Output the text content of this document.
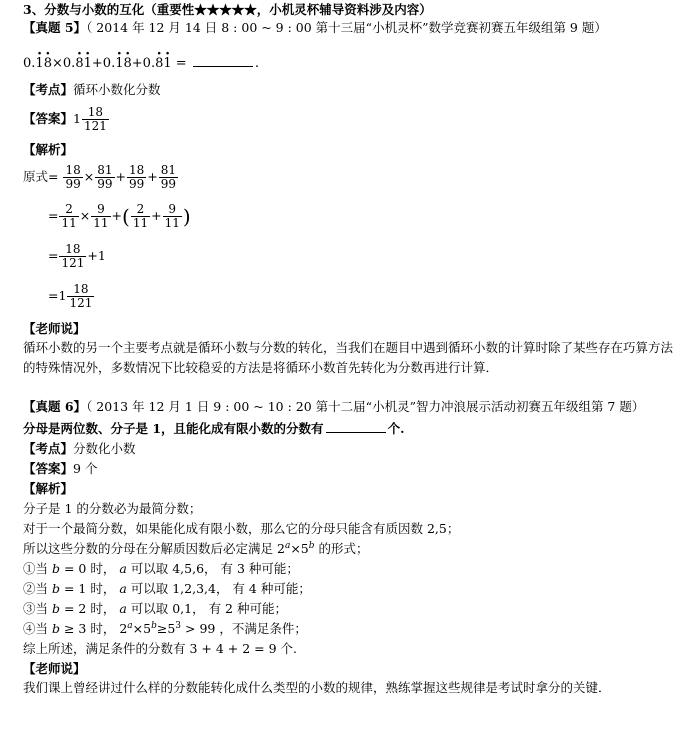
3、分数与小数的互化（重要性★★★★★，小机灵杯辅导资料涉及内容）
【真题 5】（ 2014 年 12 月 14 日 8 : 00 ~ 9 : 00 第十三届“小机灵杯”数学竞赛初赛五年级组第 9 题）
0.1 ·8 ·×0.8 ·1 ·+0.1 ·8 ·+0.8 ·1 · =	.
【考点】循环小数化分数
【答案】$1 \frac{18}{121}$
【解析】
原式= $\frac{18}{99} \times \frac{81}{99} + \frac{18}{99} + \frac{81}{99}$
= $\frac{2}{11} \times \frac{9}{11}$ +( $\frac{2}{11} + \frac{9}{11}$ )
= $\frac{18}{121} +1$
$=1 \frac{18}{121}$
【老师说】
循环小数的另一个主要考点就是循环小数与分数的转化，当我们在题目中遇到循环小数的计算时除了某些存在巧算方法的特殊情况外，多数情况下比较稳妥的方法是将循环小数首先转化为分数再进行计算．
【真题 6】（ 2013 年 12 月 1 日 9 : 00 ~ 10 : 20 第十二届“小机灵”智力冲浪展示活动初赛五年级组第 7 题）
分母是两位数、分子是 1，且能化成有限小数的分数有	个.
【考点】分数化小数
【答案】9 个
【解析】
分子是 1 的分数必为最简分数；
对于一个最简分数，如果能化成有限小数，那么它的分母只能含有质因数 2,5；
所以这些分数的分母在分解质因数后必定满足 $2^a\times 5^b$ 的形式；
①当 b = 0 时， a 可以取 4,5,6， 有 3 种可能；
②当 b = 1 时， a 可以取 1,2,3,4， 有 4 种可能；
③当 b = 2 时， a 可以取 0,1， 有 2 种可能；
④当 b ≥ 3 时， $2^a\times 5^b\ge 5^3 > 99$ ，不满足条件；
综上所述，满足条件的分数有 3 + 4 + 2 = 9 个.
【老师说】
我们课上曾经讲过什么样的分数能转化成什么类型的小数的规律，熟练掌握这些规律是考试时拿分的关键．
